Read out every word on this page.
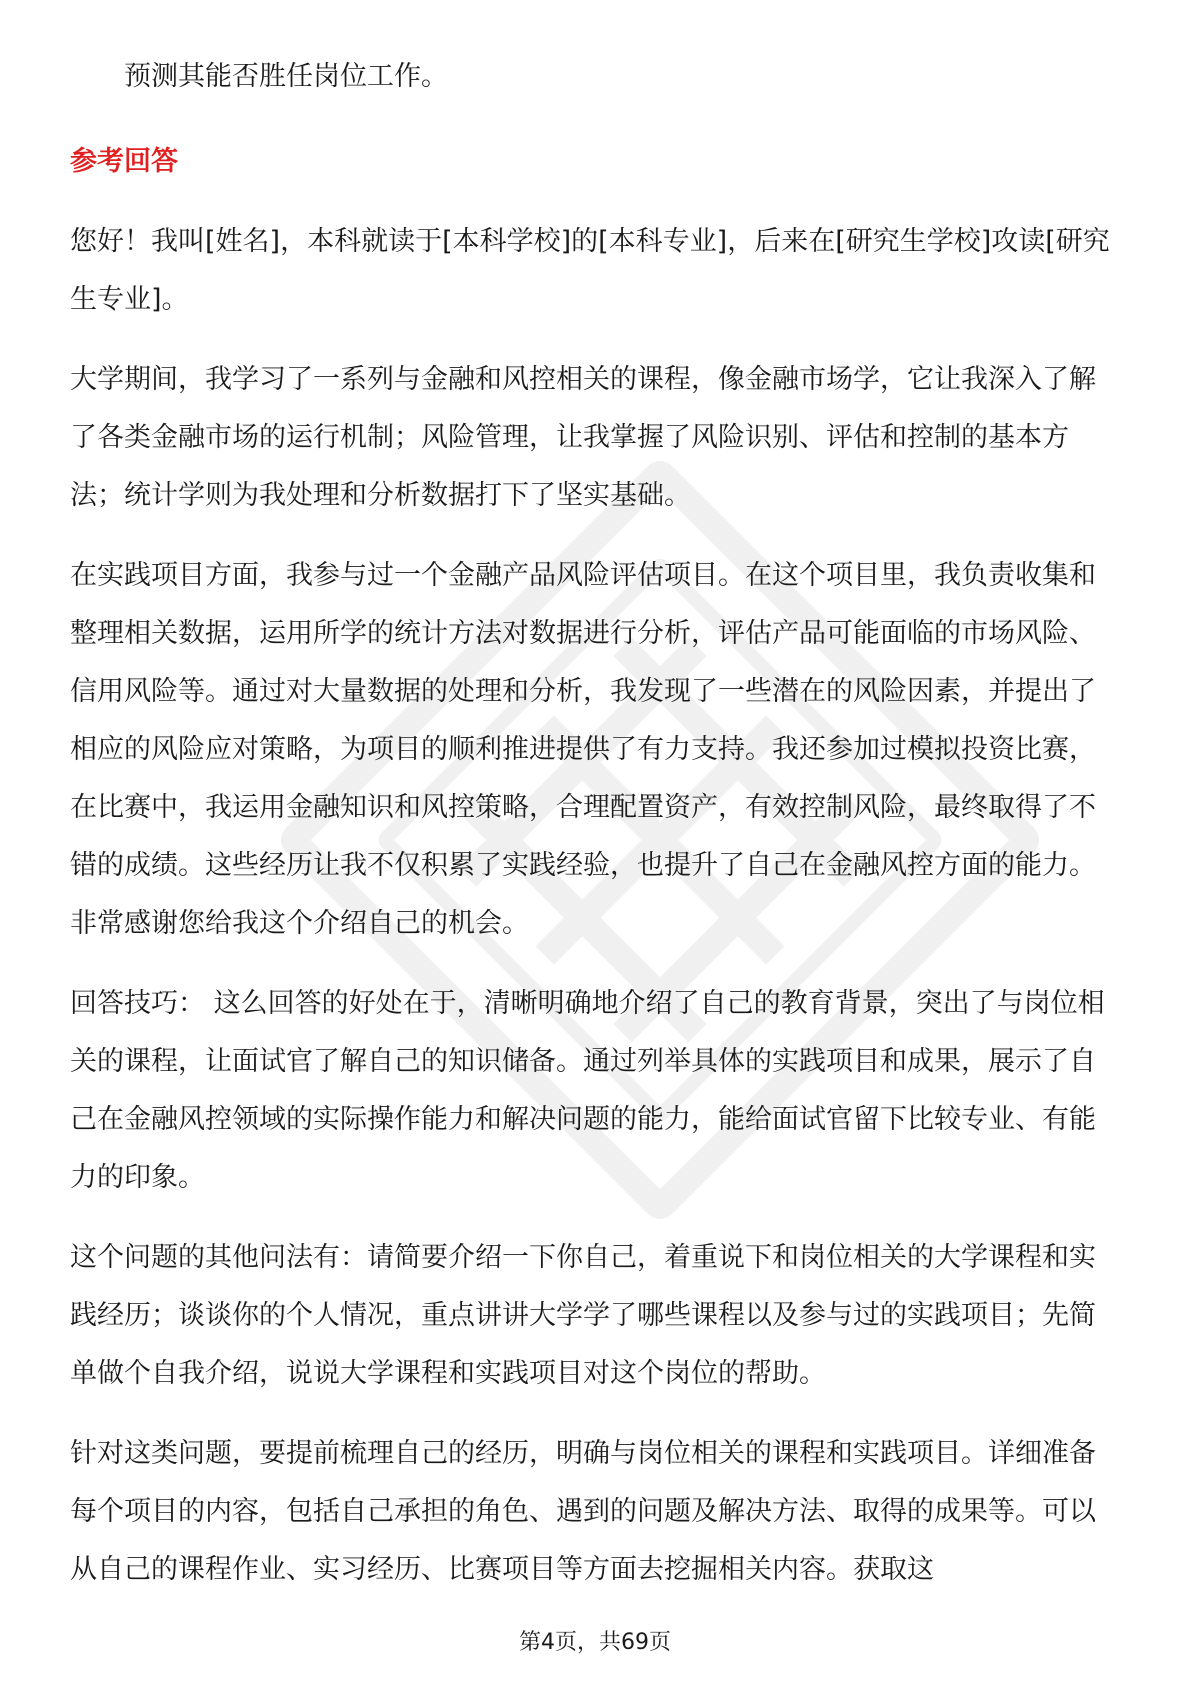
预测其能否胜任岗位工作。

参考回答

您好！我叫[姓名]，本科就读于[本科学校]的[本科专业]，后来在[研究生学校]攻读[研究生专业]。

大学期间，我学习了一系列与金融和风控相关的课程，像金融市场学，它让我深入了解了各类金融市场的运行机制；风险管理，让我掌握了风险识别、评估和控制的基本方法；统计学则为我处理和分析数据打下了坚实基础。

在实践项目方面，我参与过一个金融产品风险评估项目。在这个项目里，我负责收集和整理相关数据，运用所学的统计方法对数据进行分析，评估产品可能面临的市场风险、信用风险等。通过对大量数据的处理和分析，我发现了一些潜在的风险因素，并提出了相应的风险应对策略，为项目的顺利推进提供了有力支持。我还参加过模拟投资比赛，在比赛中，我运用金融知识和风控策略，合理配置资产，有效控制风险，最终取得了不错的成绩。这些经历让我不仅积累了实践经验，也提升了自己在金融风控方面的能力。非常感谢您给我这个介绍自己的机会。

回答技巧： 这么回答的好处在于，清晰明确地介绍了自己的教育背景，突出了与岗位相关的课程，让面试官了解自己的知识储备。通过列举具体的实践项目和成果，展示了自己在金融风控领域的实际操作能力和解决问题的能力，能给面试官留下比较专业、有能力的印象。

这个问题的其他问法有：请简要介绍一下你自己，着重说下和岗位相关的大学课程和实践经历；谈谈你的个人情况，重点讲讲大学学了哪些课程以及参与过的实践项目；先简单做个自我介绍，说说大学课程和实践项目对这个岗位的帮助。

针对这类问题，要提前梳理自己的经历，明确与岗位相关的课程和实践项目。详细准备每个项目的内容，包括自己承担的角色、遇到的问题及解决方法、取得的成果等。可以从自己的课程作业、实习经历、比赛项目等方面去挖掘相关内容。获取这

第4页，共69页
